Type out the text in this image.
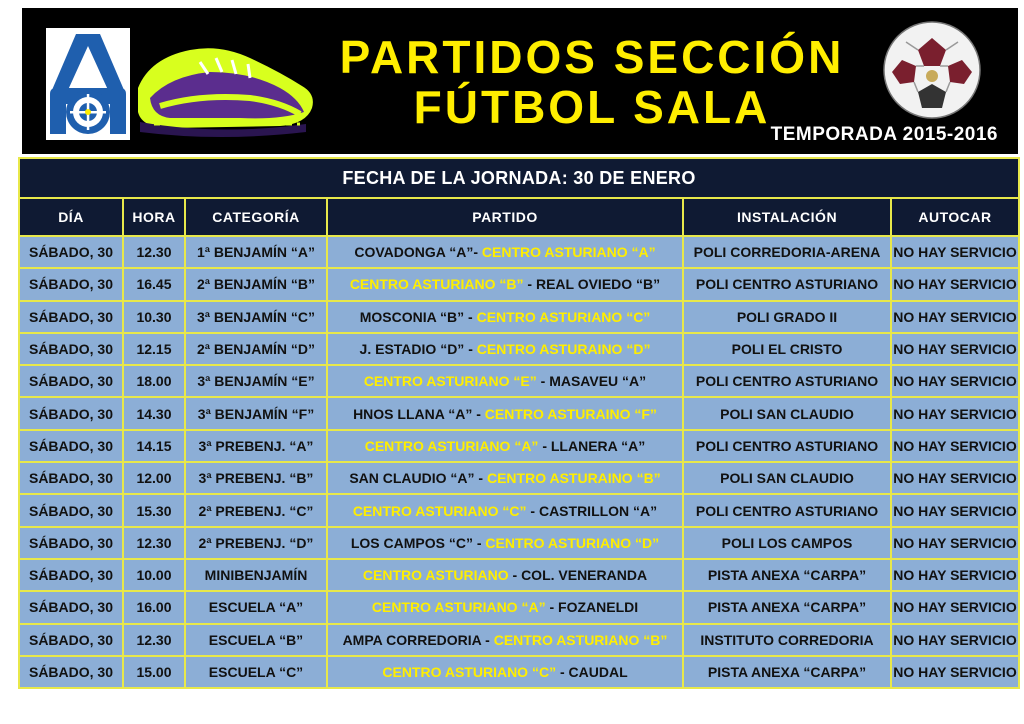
PARTIDOS SECCIÓN
FÚTBOL SALA
TEMPORADA 2015-2016
FECHA DE LA JORNADA: 30 DE ENERO					
DÍA	HORA	CATEGORÍA	PARTIDO	INSTALACIÓN	AUTOCAR
SÁBADO, 30	12.30	1ª BENJAMÍN “A”	COVADONGA “A”- CENTRO ASTURIANO “A”	POLI CORREDORIA-ARENA	NO HAY SERVICIO
SÁBADO, 30	16.45	2ª BENJAMÍN “B”	CENTRO ASTURIANO “B” - REAL OVIEDO “B”	POLI CENTRO ASTURIANO	NO HAY SERVICIO
SÁBADO, 30	10.30	3ª BENJAMÍN “C”	MOSCONIA “B” - CENTRO ASTURIANO “C”	POLI GRADO II	NO HAY SERVICIO
SÁBADO, 30	12.15	2ª BENJAMÍN “D”	J. ESTADIO “D” - CENTRO ASTURAINO “D”	POLI EL CRISTO	NO HAY SERVICIO
SÁBADO, 30	18.00	3ª BENJAMÍN “E”	CENTRO ASTURIANO “E” - MASAVEU “A”	POLI CENTRO ASTURIANO	NO HAY SERVICIO
SÁBADO, 30	14.30	3ª BENJAMÍN “F”	HNOS LLANA “A” - CENTRO ASTURAINO “F”	POLI SAN CLAUDIO	NO HAY SERVICIO
SÁBADO, 30	14.15	3ª PREBENJ. “A”	CENTRO ASTURIANO “A” - LLANERA “A”	POLI CENTRO ASTURIANO	NO HAY SERVICIO
SÁBADO, 30	12.00	3ª PREBENJ. “B”	SAN CLAUDIO “A” - CENTRO ASTURAINO “B”	POLI SAN CLAUDIO	NO HAY SERVICIO
SÁBADO, 30	15.30	2ª PREBENJ. “C”	CENTRO ASTURIANO “C” - CASTRILLON “A”	POLI CENTRO ASTURIANO	NO HAY SERVICIO
SÁBADO, 30	12.30	2ª PREBENJ. “D”	LOS CAMPOS “C” - CENTRO ASTURIANO “D”	POLI LOS CAMPOS	NO HAY SERVICIO
SÁBADO, 30	10.00	MINIBENJAMÍN	CENTRO ASTURIANO - COL. VENERANDA	PISTA ANEXA “CARPA”	NO HAY SERVICIO
SÁBADO, 30	16.00	ESCUELA “A”	CENTRO ASTURIANO “A” - FOZANELDI	PISTA ANEXA “CARPA”	NO HAY SERVICIO
SÁBADO, 30	12.30	ESCUELA “B”	AMPA CORREDORIA - CENTRO ASTURIANO “B”	INSTITUTO CORREDORIA	NO HAY SERVICIO
SÁBADO, 30	15.00	ESCUELA “C”	CENTRO ASTURIANO “C” - CAUDAL	PISTA ANEXA “CARPA”	NO HAY SERVICIO
